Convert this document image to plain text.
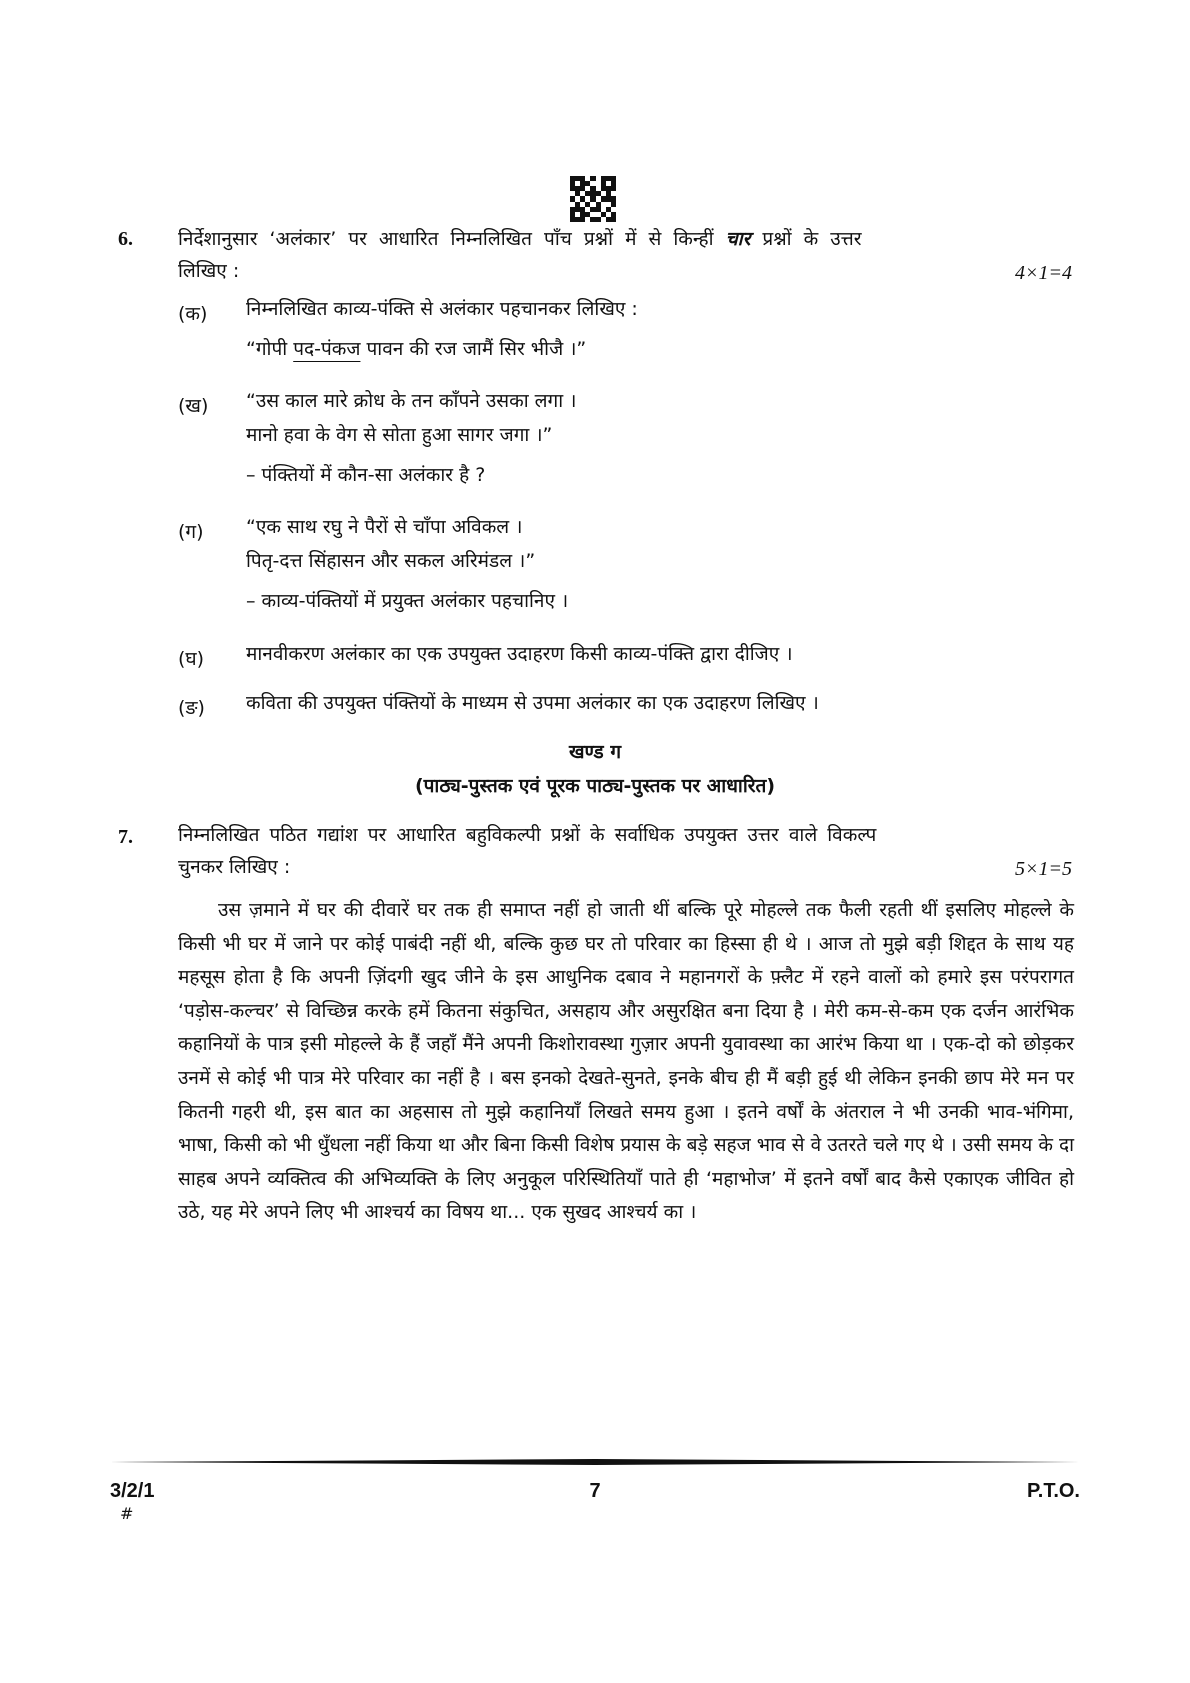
6. निर्देशानुसार ‘अलंकार’ पर आधारित निम्नलिखित पाँच प्रश्नों में से किन्हीं चार प्रश्नों के उत्तर
लिखिए :	4×1=4
(क) निम्नलिखित काव्य-पंक्ति से अलंकार पहचानकर लिखिए :
“गोपी पद-पंकज पावन की रज जामैं सिर भीजै ।”
(ख) “उस काल मारे क्रोध के तन काँपने उसका लगा ।
मानो हवा के वेग से सोता हुआ सागर जगा ।”
– पंक्तियों में कौन-सा अलंकार है ?
(ग) “एक साथ रघु ने पैरों से चाँपा अविकल ।
पितृ-दत्त सिंहासन और सकल अरिमंडल ।”
– काव्य-पंक्तियों में प्रयुक्त अलंकार पहचानिए ।
(घ) मानवीकरण अलंकार का एक उपयुक्त उदाहरण किसी काव्य-पंक्ति द्वारा दीजिए ।
(ङ) कविता की उपयुक्त पंक्तियों के माध्यम से उपमा अलंकार का एक उदाहरण लिखिए ।
खण्ड ग
(पाठ्य-पुस्तक एवं पूरक पाठ्य-पुस्तक पर आधारित)
7. निम्नलिखित पठित गद्यांश पर आधारित बहुविकल्पी प्रश्नों के सर्वाधिक उपयुक्त उत्तर वाले विकल्प
चुनकर लिखिए :	5×1=5

उस ज़माने में घर की दीवारें घर तक ही समाप्त नहीं हो जाती थीं बल्कि पूरे मोहल्ले तक फैली रहती थीं इसलिए मोहल्ले के किसी भी घर में जाने पर कोई पाबंदी नहीं थी, बल्कि कुछ घर तो परिवार का हिस्सा ही थे । आज तो मुझे बड़ी शिद्दत के साथ यह महसूस होता है कि अपनी ज़िंदगी खुद जीने के इस आधुनिक दबाव ने महानगरों के फ़्लैट में रहने वालों को हमारे इस परंपरागत ‘पड़ोस-कल्चर’ से विच्छिन्न करके हमें कितना संकुचित, असहाय और असुरक्षित बना दिया है । मेरी कम-से-कम एक दर्जन आरंभिक कहानियों के पात्र इसी मोहल्ले के हैं जहाँ मैंने अपनी किशोरावस्था गुज़ार अपनी युवावस्था का आरंभ किया था । एक-दो को छोड़कर उनमें से कोई भी पात्र मेरे परिवार का नहीं है । बस इनको देखते-सुनते, इनके बीच ही मैं बड़ी हुई थी लेकिन इनकी छाप मेरे मन पर कितनी गहरी थी, इस बात का अहसास तो मुझे कहानियाँ लिखते समय हुआ । इतने वर्षों के अंतराल ने भी उनकी भाव-भंगिमा, भाषा, किसी को भी धुँधला नहीं किया था और बिना किसी विशेष प्रयास के बड़े सहज भाव से वे उतरते चले गए थे । उसी समय के दा साहब अपने व्यक्तित्व की अभिव्यक्ति के लिए अनुकूल परिस्थितियाँ पाते ही ‘महाभोज’ में इतने वर्षों बाद कैसे एकाएक जीवित हो उठे, यह मेरे अपने लिए भी आश्चर्य का विषय था... एक सुखद आश्चर्य का ।

3/2/1	7	P.T.O.
#
